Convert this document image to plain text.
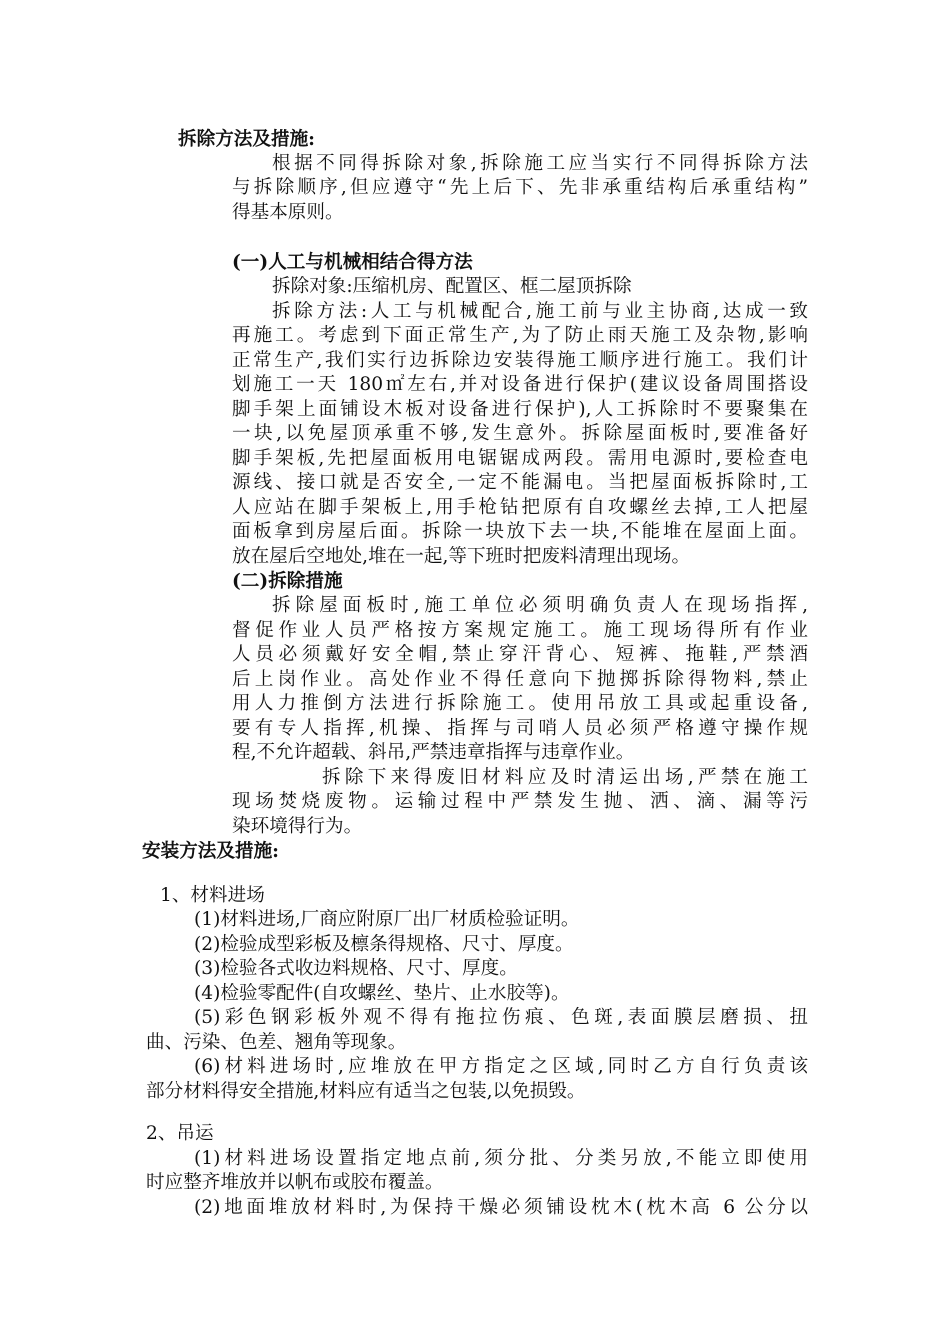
拆除方法及措施:
根据不同得拆除对象,拆除施工应当实行不同得拆除方法
与拆除顺序,但应遵守“先上后下、先非承重结构后承重结构”
得基本原则。
(一)人工与机械相结合得方法
拆除对象:压缩机房、配置区、框二屋顶拆除
拆除方法:人工与机械配合,施工前与业主协商,达成一致
再施工。考虑到下面正常生产,为了防止雨天施工及杂物,影响
正常生产,我们实行边拆除边安装得施工顺序进行施工。我们计
划施工一天 180㎡左右,并对设备进行保护(建议设备周围搭设
脚手架上面铺设木板对设备进行保护),人工拆除时不要聚集在
一块,以免屋顶承重不够,发生意外。拆除屋面板时,要准备好
脚手架板,先把屋面板用电锯锯成两段。需用电源时,要检查电
源线、接口就是否安全,一定不能漏电。当把屋面板拆除时,工
人应站在脚手架板上,用手枪钻把原有自攻螺丝去掉,工人把屋
面板拿到房屋后面。拆除一块放下去一块,不能堆在屋面上面。
放在屋后空地处,堆在一起,等下班时把废料清理出现场。
(二)拆除措施
拆除屋面板时,施工单位必须明确负责人在现场指挥,
督促作业人员严格按方案规定施工。施工现场得所有作业
人员必须戴好安全帽,禁止穿汗背心、短裤、拖鞋,严禁酒
后上岗作业。高处作业不得任意向下抛掷拆除得物料,禁止
用人力推倒方法进行拆除施工。使用吊放工具或起重设备,
要有专人指挥,机操、指挥与司哨人员必须严格遵守操作规
程,不允许超载、斜吊,严禁违章指挥与违章作业。
拆除下来得废旧材料应及时清运出场,严禁在施工
现场焚烧废物。运输过程中严禁发生抛、洒、滴、漏等污
染环境得行为。
安装方法及措施:
1、材料进场
(1)材料进场,厂商应附原厂出厂材质检验证明。
(2)检验成型彩板及檩条得规格、尺寸、厚度。
(3)检验各式收边料规格、尺寸、厚度。
(4)检验零配件(自攻螺丝、垫片、止水胶等)。
(5)彩色钢彩板外观不得有拖拉伤痕、色斑,表面膜层磨损、扭
曲、污染、色差、翘角等现象。
(6)材料进场时,应堆放在甲方指定之区域,同时乙方自行负责该
部分材料得安全措施,材料应有适当之包装,以免损毁。
2、吊运
(1)材料进场设置指定地点前,须分批、分类另放,不能立即使用
时应整齐堆放并以帆布或胶布覆盖。
(2)地面堆放材料时,为保持干燥必须铺设枕木(枕木高 6 公分以
